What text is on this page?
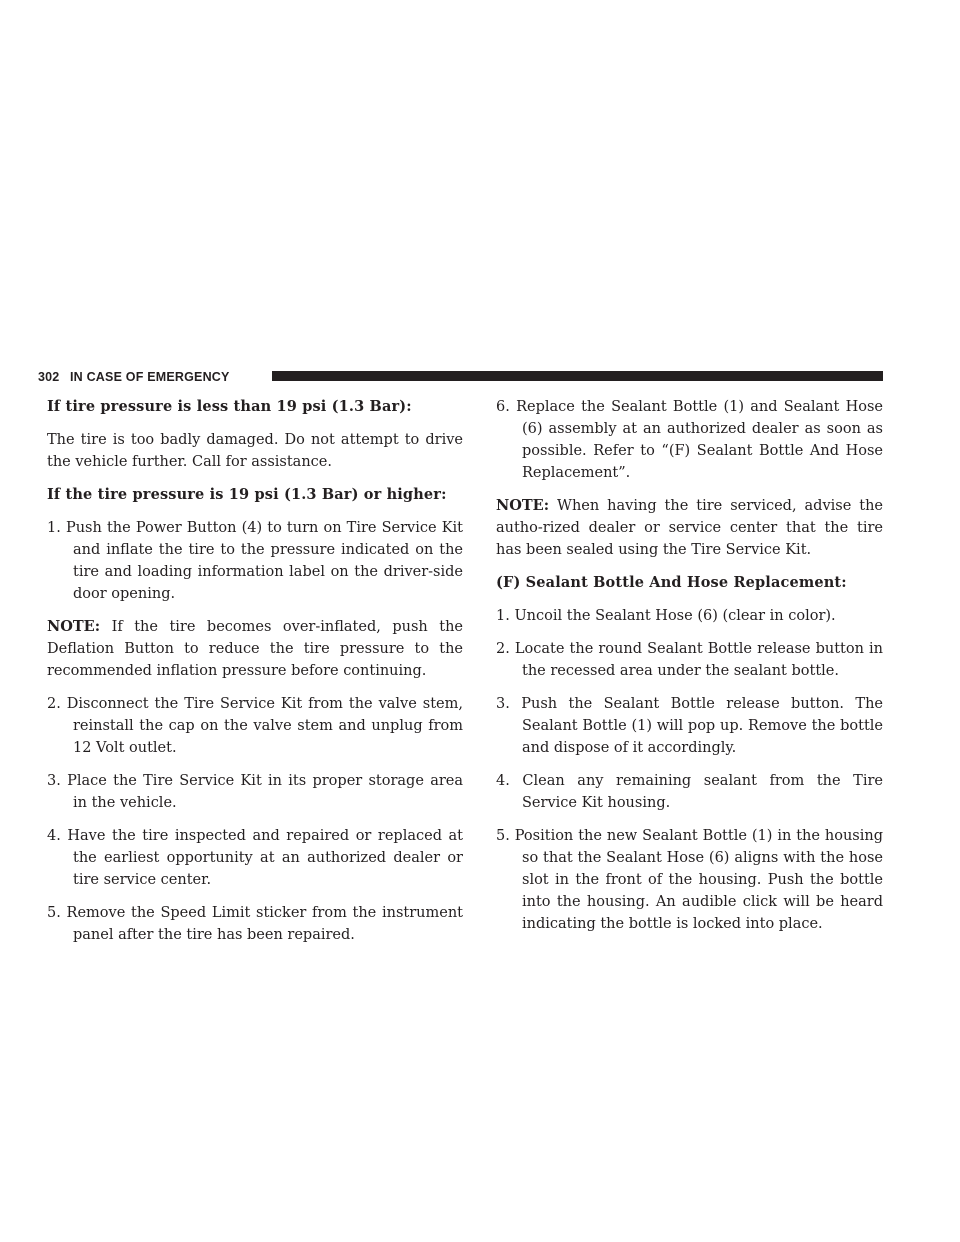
302 IN CASE OF EMERGENCY

If tire pressure is less than 19 psi (1.3 Bar):

The tire is too badly damaged. Do not attempt to drive the vehicle further. Call for assistance.

If the tire pressure is 19 psi (1.3 Bar) or higher:

1. Push the Power Button (4) to turn on Tire Service Kit and inflate the tire to the pressure indicated on the tire and loading information label on the driver-side door opening.

NOTE: If the tire becomes over-inflated, push the Deflation Button to reduce the tire pressure to the recommended inflation pressure before continuing.

2. Disconnect the Tire Service Kit from the valve stem, reinstall the cap on the valve stem and unplug from 12 Volt outlet.

3. Place the Tire Service Kit in its proper storage area in the vehicle.

4. Have the tire inspected and repaired or replaced at the earliest opportunity at an authorized dealer or tire service center.

5. Remove the Speed Limit sticker from the instrument panel after the tire has been repaired.

6. Replace the Sealant Bottle (1) and Sealant Hose (6) assembly at an authorized dealer as soon as possible. Refer to “(F) Sealant Bottle And Hose Replacement”.

NOTE: When having the tire serviced, advise the autho-rized dealer or service center that the tire has been sealed using the Tire Service Kit.

(F) Sealant Bottle And Hose Replacement:

1. Uncoil the Sealant Hose (6) (clear in color).

2. Locate the round Sealant Bottle release button in the recessed area under the sealant bottle.

3. Push the Sealant Bottle release button. The Sealant Bottle (1) will pop up. Remove the bottle and dispose of it accordingly.

4. Clean any remaining sealant from the Tire Service Kit housing.

5. Position the new Sealant Bottle (1) in the housing so that the Sealant Hose (6) aligns with the hose slot in the front of the housing. Push the bottle into the housing. An audible click will be heard indicating the bottle is locked into place.
